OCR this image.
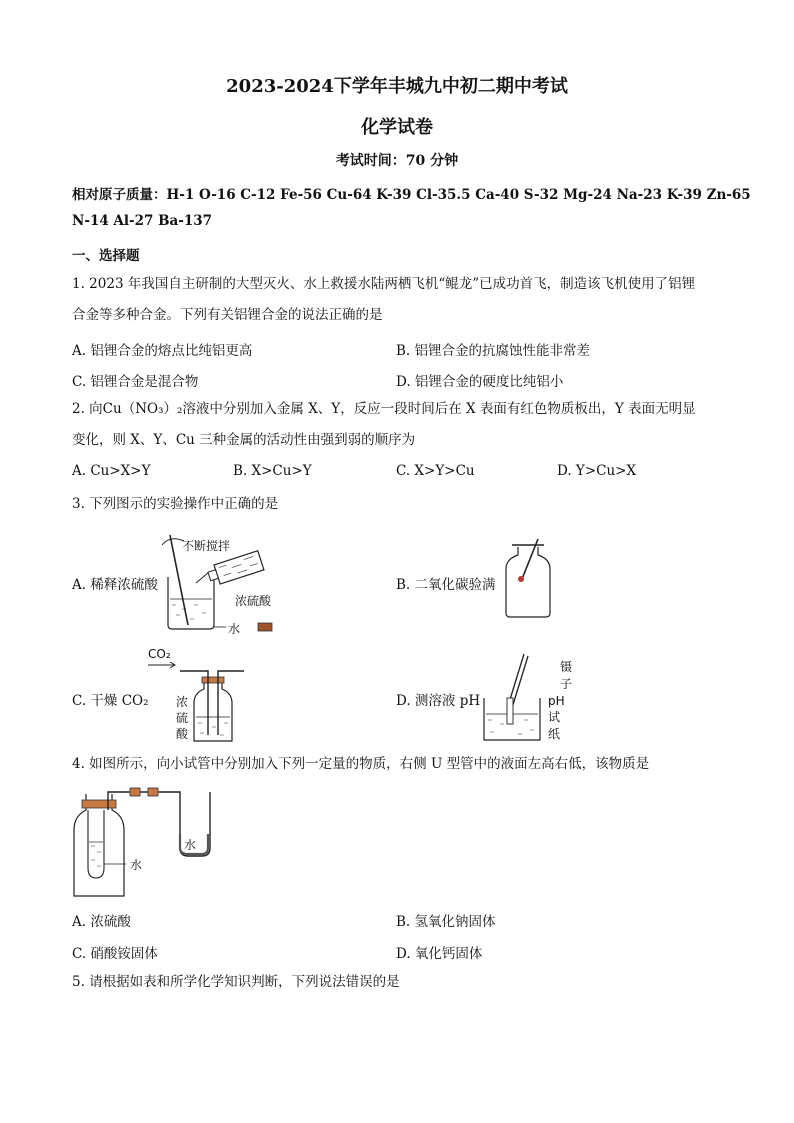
2023-2024下学年丰城九中初二期中考试
化学试卷
考试时间：70 分钟
相对原子质量：H-1 O-16 C-12 Fe-56 Cu-64 K-39 Cl-35.5 Ca-40 S-32 Mg-24 Na-23 K-39 Zn-65
N-14 Al-27 Ba-137
一、选择题
1. 2023 年我国自主研制的大型灭火、水上救援水陆两栖飞机“鲲龙”已成功首飞，制造该飞机使用了铝锂
合金等多种合金。下列有关铝锂合金的说法正确的是
A. 铝锂合金的熔点比纯铝更高	B. 铝锂合金的抗腐蚀性能非常差
C. 铝锂合金是混合物	D. 铝锂合金的硬度比纯铝小
2. 向Cu（NO₃）₂溶液中分别加入金属 X、Y，反应一段时间后在 X 表面有红色物质板出，Y 表面无明显
变化，则 X、Y、Cu 三种金属的活动性由强到弱的顺序为
A. Cu>X>Y	B. X>Cu>Y	C. X>Y>Cu	D. Y>Cu>X
3. 下列图示的实验操作中正确的是
不断搅拌
浓硫酸
水
A. 稀释浓硫酸	B. 二氧化碳验满
CO₂
浓
硫
酸
C. 干燥 CO₂
镊子
pH试纸
D. 测溶液 pH
4. 如图所示，向小试管中分别加入下列一定量的物质，右侧 U 型管中的液面左高右低，该物质是
水
水
A. 浓硫酸	B. 氢氧化钠固体
C. 硝酸铵固体	D. 氧化钙固体
5. 请根据如表和所学化学知识判断，下列说法错误的是
